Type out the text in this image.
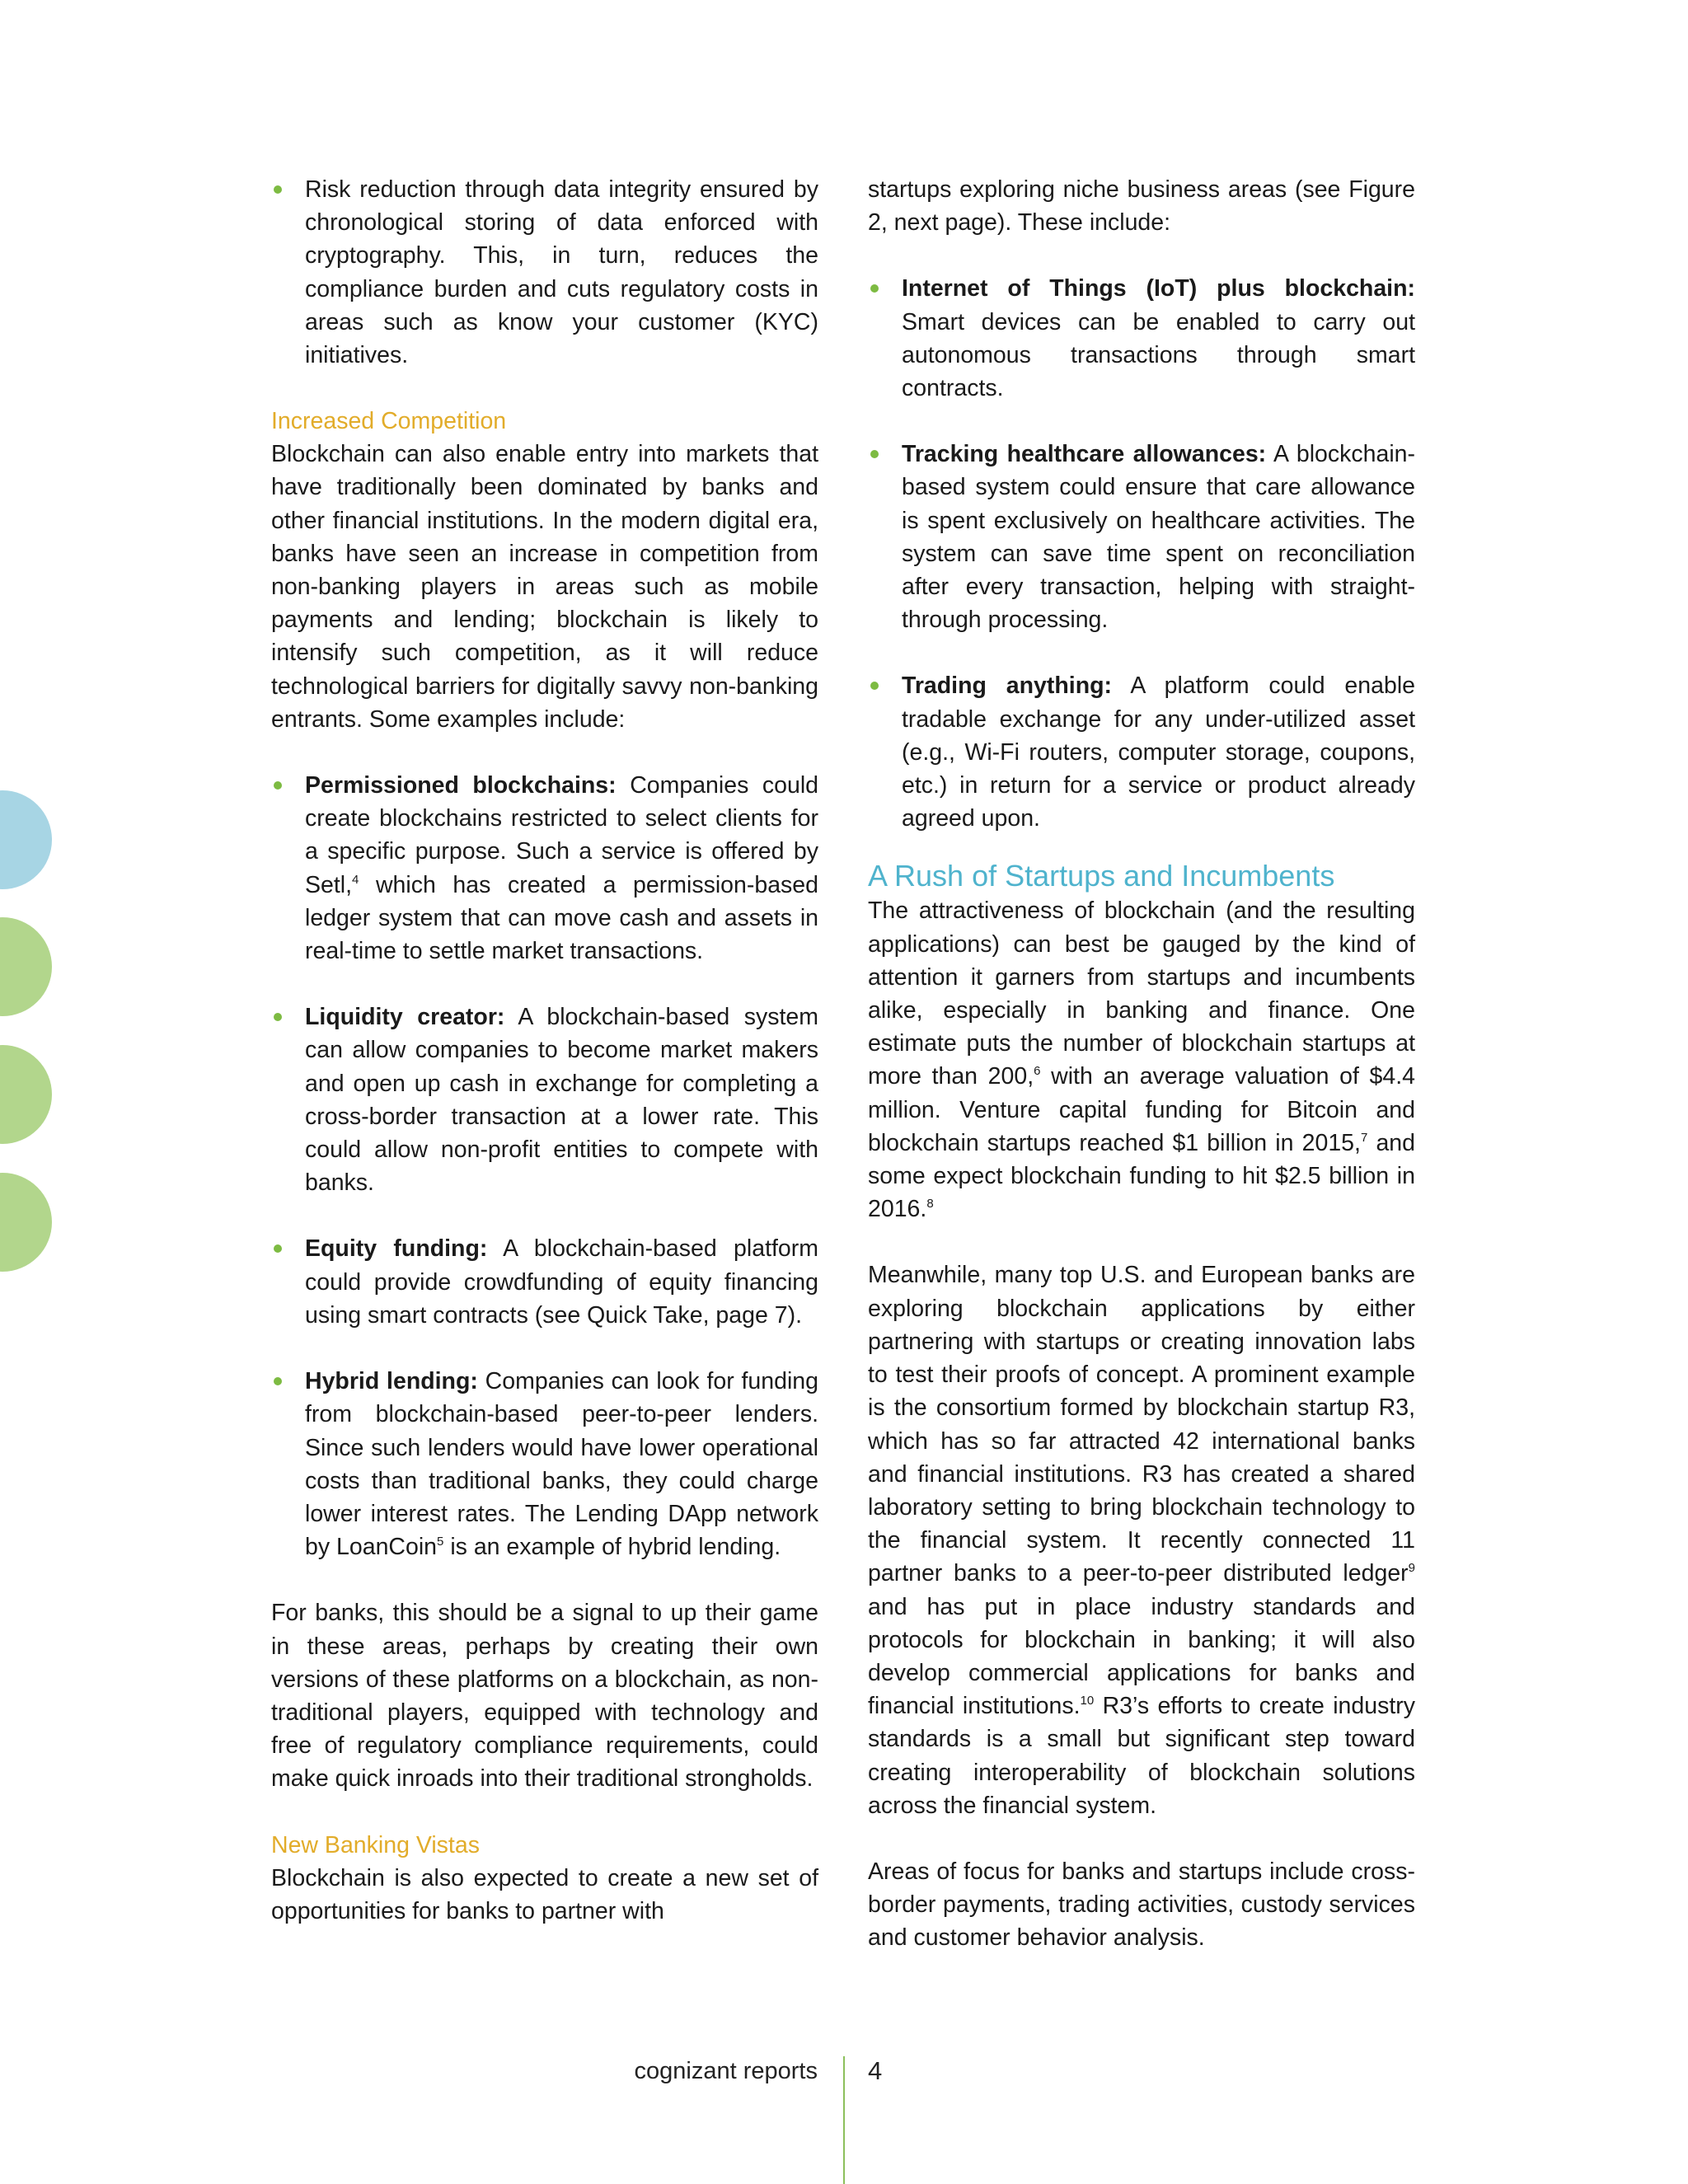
Risk reduction through data integrity ensured by chronological storing of data enforced with cryptography. This, in turn, reduces the compliance burden and cuts regulatory costs in areas such as know your customer (KYC) initiatives.
Increased Competition

Blockchain can also enable entry into markets that have traditionally been dominated by banks and other financial institutions. In the modern digital era, banks have seen an increase in competition from non-banking players in areas such as mobile payments and lending; blockchain is likely to intensify such competition, as it will reduce technological barriers for digitally savvy non-banking entrants. Some examples include:

Permissioned blockchains: Companies could create blockchains restricted to select clients for a specific purpose. Such a service is offered by Setl,$^4$ which has created a permission-based ledger system that can move cash and assets in real-time to settle market transactions.
Liquidity creator: A blockchain-based system can allow companies to become market makers and open up cash in exchange for completing a cross-border transaction at a lower rate. This could allow non-profit entities to compete with banks.
Equity funding: A blockchain-based platform could provide crowdfunding of equity financing using smart contracts (see Quick Take, page 7).
Hybrid lending: Companies can look for funding from blockchain-based peer-to-peer lenders. Since such lenders would have lower operational costs than traditional banks, they could charge lower interest rates. The Lending DApp network by LoanCoin$^5$ is an example of hybrid lending.

For banks, this should be a signal to up their game in these areas, perhaps by creating their own versions of these platforms on a blockchain, as non-traditional players, equipped with technology and free of regulatory compliance requirements, could make quick inroads into their traditional strongholds.

New Banking Vistas

Blockchain is also expected to create a new set of opportunities for banks to partner with

startups exploring niche business areas (see Figure 2, next page). These include:

Internet of Things (IoT) plus blockchain: Smart devices can be enabled to carry out autonomous transactions through smart contracts.
Tracking healthcare allowances: A blockchain-based system could ensure that care allowance is spent exclusively on healthcare activities. The system can save time spent on reconciliation after every transaction, helping with straight-through processing.
Trading anything: A platform could enable tradable exchange for any under-utilized asset (e.g., Wi-Fi routers, computer storage, coupons, etc.) in return for a service or product already agreed upon.
A Rush of Startups and Incumbents

The attractiveness of blockchain (and the resulting applications) can best be gauged by the kind of attention it garners from startups and incumbents alike, especially in banking and finance. One estimate puts the number of blockchain startups at more than 200,$^6$ with an average valuation of $4.4 million. Venture capital funding for Bitcoin and blockchain startups reached $1 billion in 2015,$^7$ and some expect blockchain funding to hit $2.5 billion in 2016.$^8$

Meanwhile, many top U.S. and European banks are exploring blockchain applications by either partnering with startups or creating innovation labs to test their proofs of concept. A prominent example is the consortium formed by blockchain startup R3, which has so far attracted 42 international banks and financial institutions. R3 has created a shared laboratory setting to bring blockchain technology to the financial system. It recently connected 11 partner banks to a peer-to-peer distributed ledger$^9$ and has put in place industry standards and protocols for blockchain in banking; it will also develop commercial applications for banks and financial institutions.$^{10}$ R3’s efforts to create industry standards is a small but significant step toward creating interoperability of blockchain solutions across the financial system.

Areas of focus for banks and startups include cross-border payments, trading activities, custody services and customer behavior analysis.

cognizant reports 4
